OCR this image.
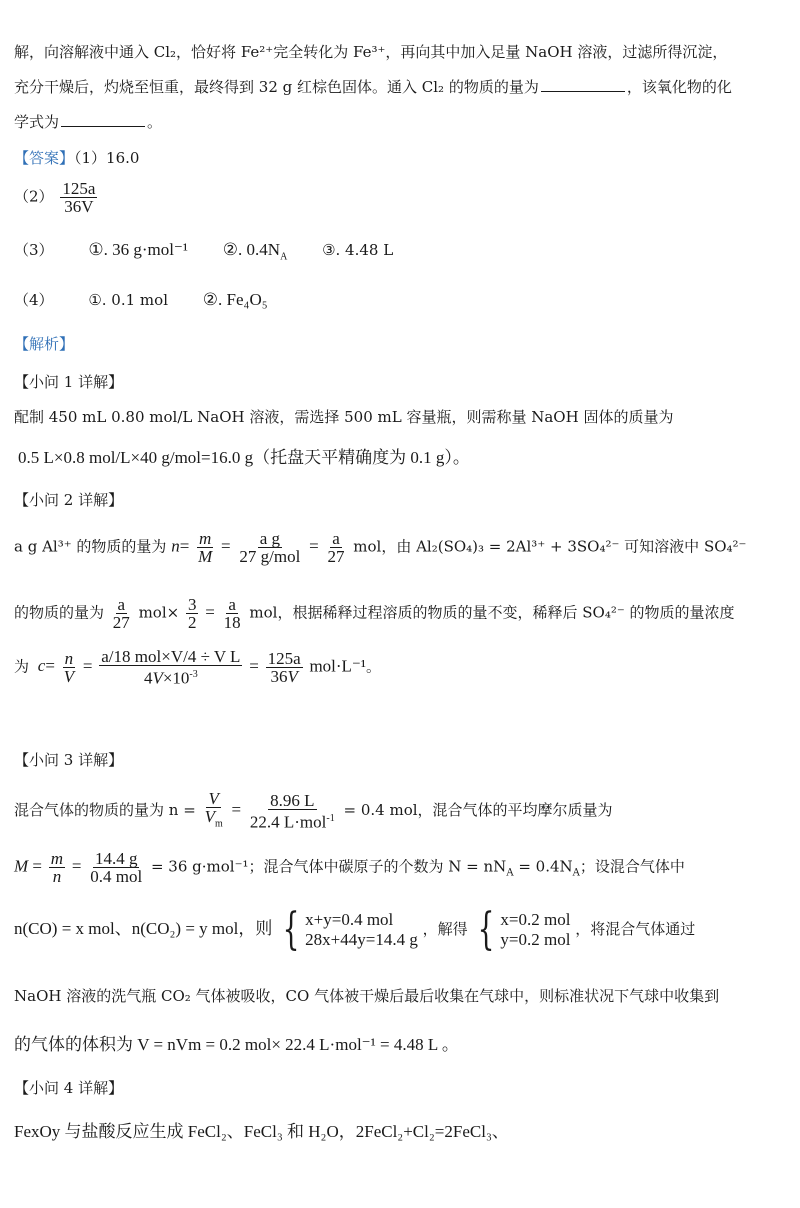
解，向溶解液中通入 Cl₂，恰好将 Fe²⁺完全转化为 Fe³⁺，再向其中加入足量 NaOH 溶液，过滤所得沉淀，
充分干燥后，灼烧至恒重，最终得到 32 g 红棕色固体。通入 Cl₂ 的物质的量为	，该氧化物的化
学式为	。
【答案】（1）16.0
$(2) \frac{125a}{36V}$
（3） ①. 36 g·mol⁻¹ ②. $0.4N_A$ ③. 4.48 L
（4） ①. 0.1 mol ②. Fe₄O₅
【解析】
【小问 1 详解】
配制 450 mL 0.80 mol/L NaOH 溶液，需选择 500 mL 容量瓶，则需称量 NaOH 固体的质量为
0.5 L×0.8 mol/L×40 g/mol=16.0 g（托盘天平精确度为 0.1 g）。
【小问 2 详解】
a g Al³⁺ 的物质的量为 $n= \frac{m}{M} = \frac{\text{a g}}{\text{27 g/mol}} = \frac{a}{27}$ mol，由 Al₂(SO₄)₃ = 2Al³⁺ + 3SO₄²⁻ 可知溶液中 SO₄²⁻
的物质的量为 $\frac{a}{27} mol\times \frac{3}{2} = \frac{a}{18}$ mol，根据稀释过程溶质的物质的量不变，稀释后 SO₄²⁻ 的物质的量浓度
为 $c= \frac{n}{V} = \frac{\text{a/18 mol×V/4 ÷ V L}}{4V\times 10^{-3}} = \frac{125a}{36V} mol\cdot L^{-1}$。
【小问 3 详解】
混合气体的物质的量为 $n = \frac{V}{V_m} = \frac{8.96 L}{22.4 L\cdot mol^{-1}} = 0.4$ mol，混合气体的平均摩尔质量为
$M = \frac{m}{n} = \frac{14.4 g}{\text{0.4 mol}} = 36$ g·mol⁻¹；混合气体中碳原子的个数为 $N = nN_A = 0.4N_A$；设混合气体中
n(CO) = x mol、n(CO₂) = y mol，则 { x+y=0.4 mol
28x+44y=14.4 g
，解得 { x=0.2 mol
y=0.2 mol
，将混合气体通过
NaOH 溶液的洗气瓶 CO₂ 气体被吸收，CO 气体被干燥后最后收集在气球中，则标准状况下气球中收集到
的气体的体积为 V = nVm = 0.2 mol× 22.4 L·mol⁻¹ = 4.48 L 。
【小问 4 详解】
FexOy 与盐酸反应生成 FeCl₂、FeCl₃ 和 H₂O，2FeCl₂+Cl₂=2FeCl₃、
